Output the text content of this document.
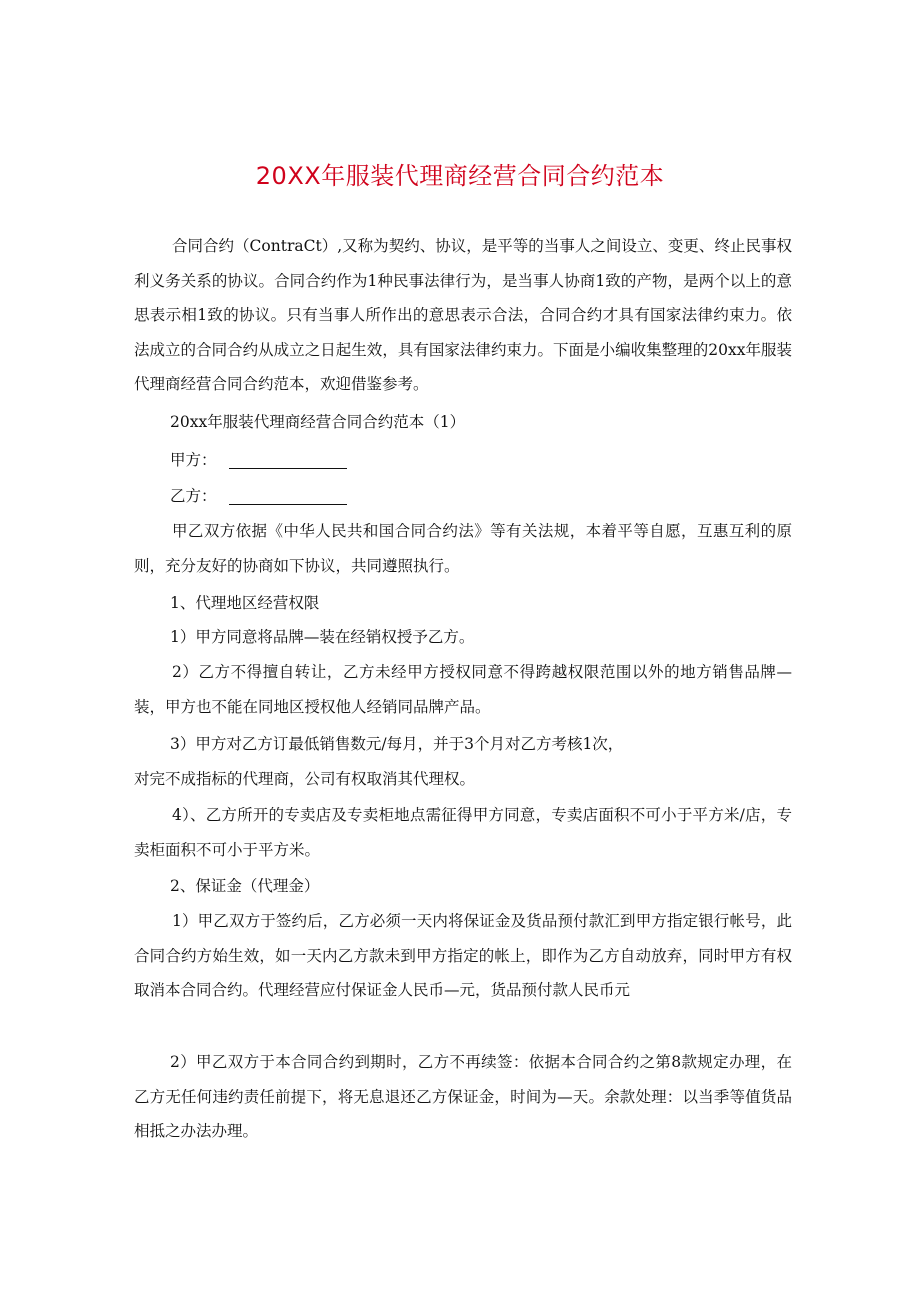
20XX年服装代理商经营合同合约范本
合同合约（ContraCt）,又称为契约、协议，是平等的当事人之间设立、变更、终止民事权利义务关系的协议。合同合约作为1种民事法律行为，是当事人协商1致的产物，是两个以上的意思表示相1致的协议。只有当事人所作出的意思表示合法，合同合约才具有国家法律约束力。依法成立的合同合约从成立之日起生效，具有国家法律约束力。下面是小编收集整理的20xx年服装代理商经营合同合约范本，欢迎借鉴参考。
20xx年服装代理商经营合同合约范本（1）
甲方：
乙方：
甲乙双方依据《中华人民共和国合同合约法》等有关法规，本着平等自愿，互惠互利的原则，充分友好的协商如下协议，共同遵照执行。
1、代理地区经营权限
1）甲方同意将品牌—装在经销权授予乙方。
2）乙方不得擅自转让，乙方未经甲方授权同意不得跨越权限范围以外的地方销售品牌—装，甲方也不能在同地区授权他人经销同品牌产品。
3）甲方对乙方订最低销售数元/每月，并于3个月对乙方考核1次，
对完不成指标的代理商，公司有权取消其代理权。
4）、乙方所开的专卖店及专卖柜地点需征得甲方同意，专卖店面积不可小于平方米/店，专卖柜面积不可小于平方米。
2、保证金（代理金）
1）甲乙双方于签约后，乙方必须一天内将保证金及货品预付款汇到甲方指定银行帐号，此合同合约方始生效，如一天内乙方款未到甲方指定的帐上，即作为乙方自动放弃，同时甲方有权取消本合同合约。代理经营应付保证金人民币—元，货品预付款人民币元
2）甲乙双方于本合同合约到期时，乙方不再续签：依据本合同合约之第8款规定办理，在乙方无任何违约责任前提下，将无息退还乙方保证金，时间为—天。余款处理：以当季等值货品相抵之办法办理。
